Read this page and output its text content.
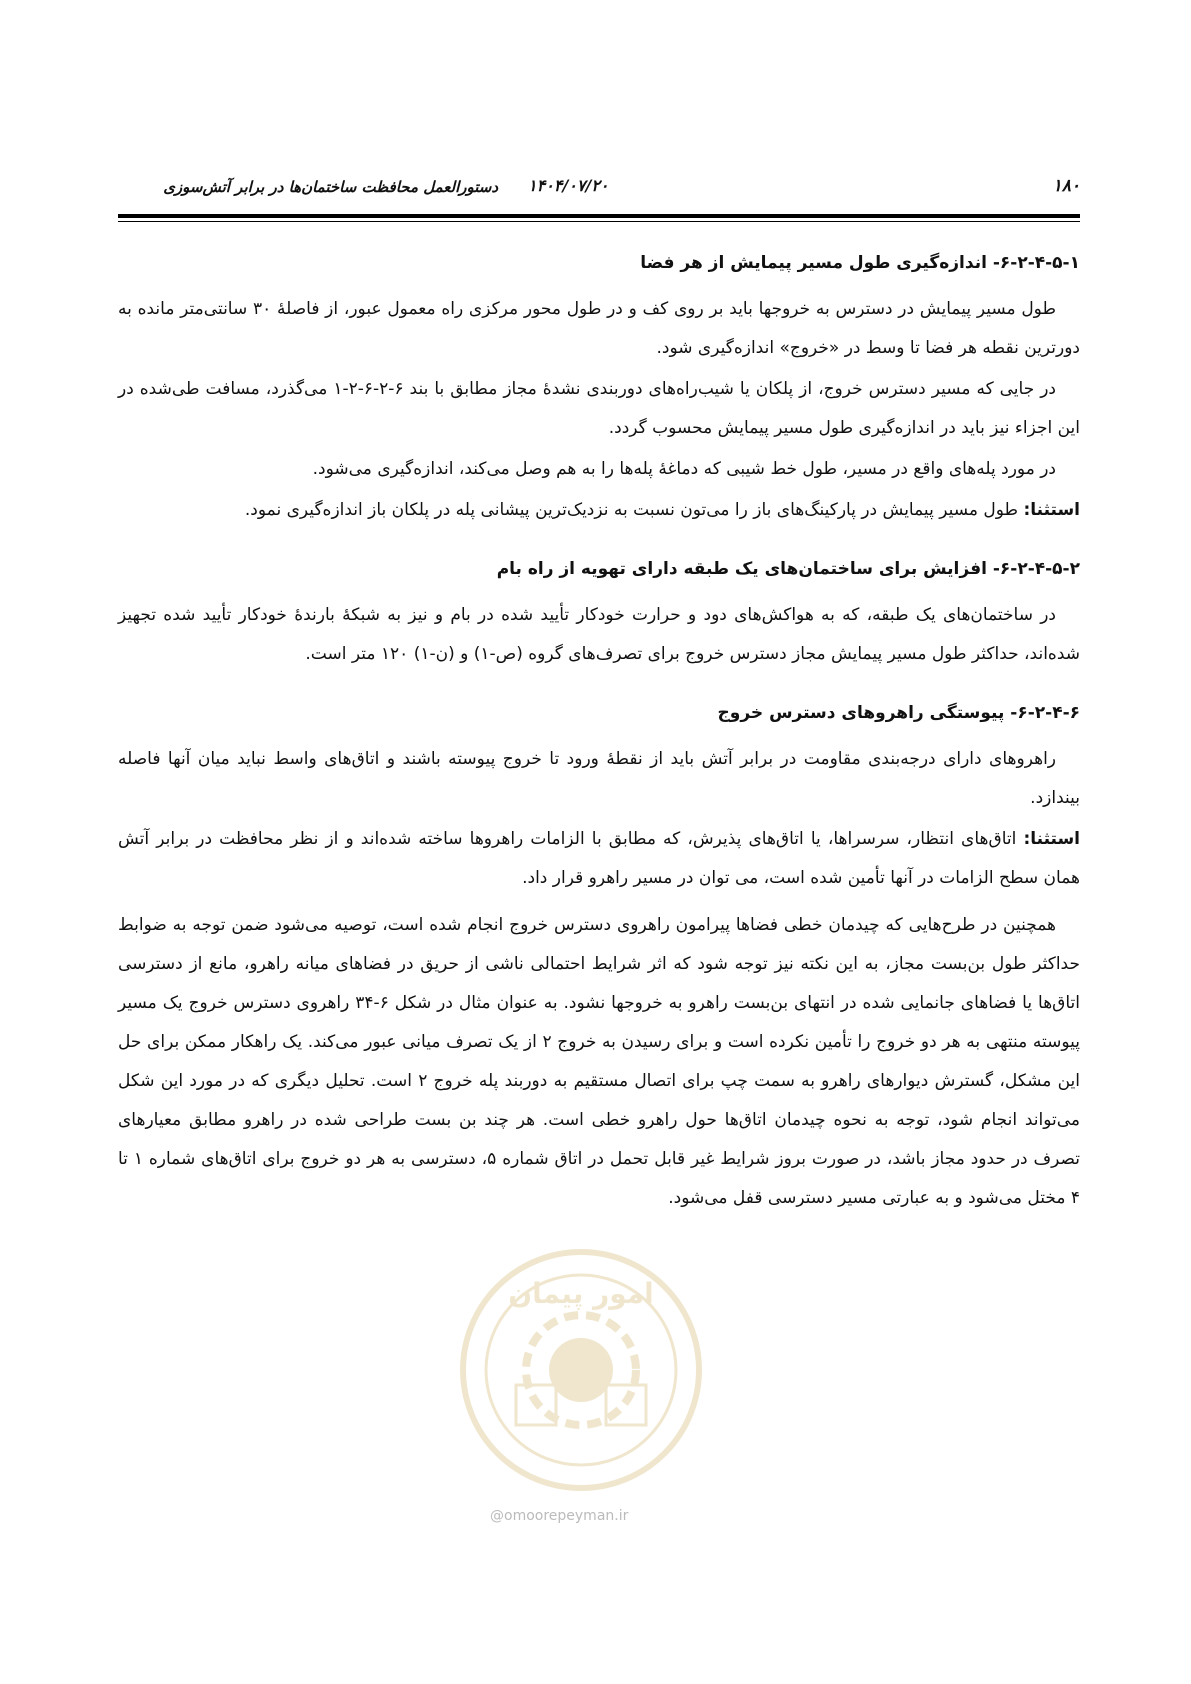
دستورالعمل محافظت ساختمان‌ها در برابر آتش‌سوزی ۱۴۰۴/۰۷/۲۰	۱۸۰
۶-۲-۴-۵-۱- اندازه‌گیری طول مسیر پیمایش از هر فضا

طول مسیر پیمایش در دسترس به خروجها باید بر روی کف و در طول محور مرکزی راه معمول عبور، از فاصلهٔ ۳۰ سانتی‌متر مانده به دورترین نقطه هر فضا تا وسط در «خروج» اندازه‌گیری شود.

در جایی که مسیر دسترس خروج، از پلکان یا شیب‌راه‌های دوربندی نشدهٔ مجاز مطابق با بند ۶-۲-۶-۲-۱ می‌گذرد، مسافت طی‌شده در این اجزاء نیز باید در اندازه‌گیری طول مسیر پیمایش محسوب گردد.

در مورد پله‌های واقع در مسیر، طول خط شیبی که دماغهٔ پله‌ها را به هم وصل می‌کند، اندازه‌گیری می‌شود.

استثنا: طول مسیر پیمایش در پارکینگ‌های باز را می‌تون نسبت به نزدیک‌ترین پیشانی پله در پلکان باز اندازه‌گیری نمود.

۶-۲-۴-۵-۲- افزایش برای ساختمان‌های یک طبقه دارای تهویه از راه بام

در ساختمان‌های یک طبقه، که به هواکش‌های دود و حرارت خودکار تأیید شده در بام و نیز به شبکهٔ بارندهٔ خودکار تأیید شده تجهیز شده‌اند، حداکثر طول مسیر پیمایش مجاز دسترس خروج برای تصرف‌های گروه (ص-۱) و (ن-۱) ۱۲۰ متر است.

۶-۲-۴-۶- پیوستگی راهروهای دسترس خروج

راهروهای دارای درجه‌بندی مقاومت در برابر آتش باید از نقطهٔ ورود تا خروج پیوسته باشند و اتاق‌های واسط نباید میان آنها فاصله بیندازد.

استثنا: اتاق‌های انتظار، سرسراها، یا اتاق‌های پذیرش، که مطابق با الزامات راهروها ساخته شده‌اند و از نظر محافظت در برابر آتش همان سطح الزامات در آنها تأمین شده است، می توان در مسیر راهرو قرار داد.

همچنین در طرح‌هایی که چیدمان خطی فضاها پیرامون راهروی دسترس خروج انجام شده است، توصیه می‌شود ضمن توجه به ضوابط حداکثر طول بن‌بست مجاز، به این نکته نیز توجه شود که اثر شرایط احتمالی ناشی از حریق در فضاهای میانه راهرو، مانع از دسترسی اتاق‌ها یا فضاهای جانمایی شده در انتهای بن‌بست راهرو به خروجها نشود. به عنوان مثال در شکل ۶-۳۴ راهروی دسترس خروج یک مسیر پیوسته منتهی به هر دو خروج را تأمین نکرده است و برای رسیدن به خروج ۲ از یک تصرف میانی عبور می‌کند. یک راهکار ممکن برای حل این مشکل، گسترش دیوارهای راهرو به سمت چپ برای اتصال مستقیم به دوربند پله خروج ۲ است. تحلیل دیگری که در مورد این شکل می‌تواند انجام شود، توجه به نحوه چیدمان اتاق‌ها حول راهرو خطی است. هر چند بن بست طراحی شده در راهرو مطابق معیارهای تصرف در حدود مجاز باشد، در صورت بروز شرایط غیر قابل تحمل در اتاق شماره ۵، دسترسی به هر دو خروج برای اتاق‌های شماره ۱ تا ۴ مختل می‌شود و به عبارتی مسیر دسترسی قفل می‌شود.

امور پیمان
@omoorepeyman.ir
